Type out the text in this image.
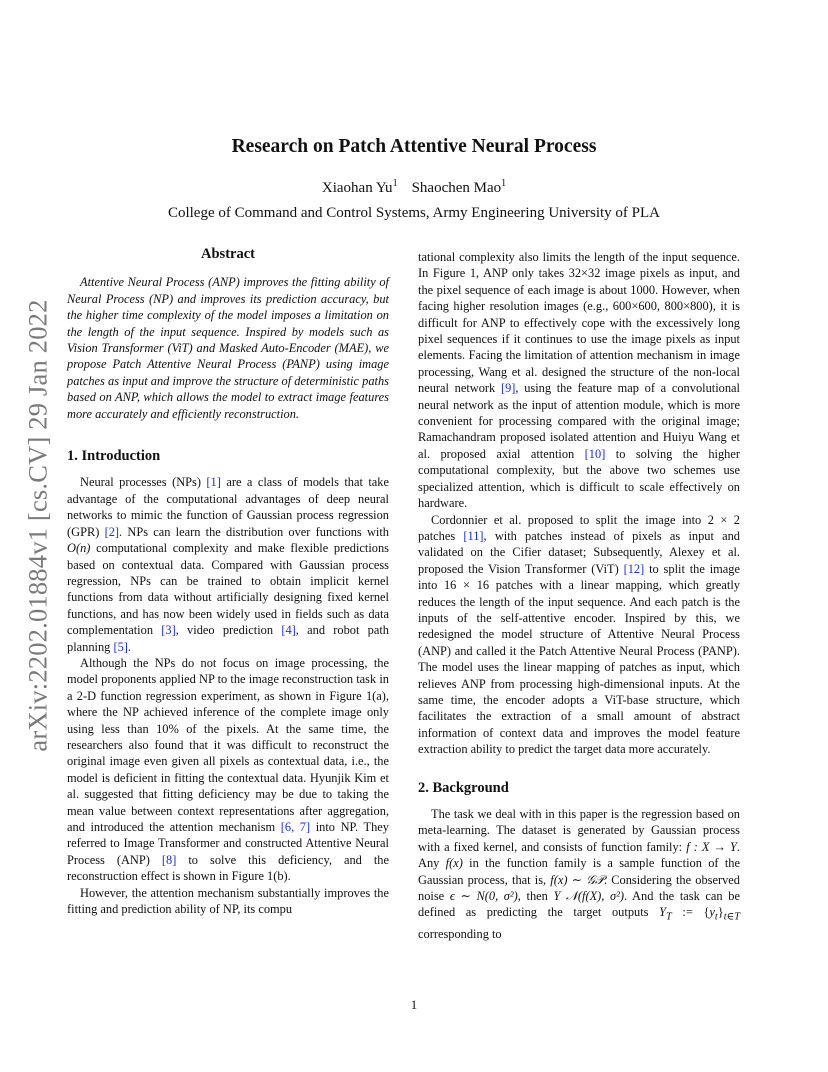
arXiv:2202.01884v1 [cs.CV] 29 Jan 2022
Research on Patch Attentive Neural Process
Xiaohan Yu$^1$ Shaochen Mao$^1$
College of Command and Control Systems, Army Engineering University of PLA
Abstract

Attentive Neural Process (ANP) improves the fitting ability of Neural Process (NP) and improves its prediction accuracy, but the higher time complexity of the model imposes a limitation on the length of the input sequence. Inspired by models such as Vision Transformer (ViT) and Masked Auto-Encoder (MAE), we propose Patch Attentive Neural Process (PANP) using image patches as input and improve the structure of deterministic paths based on ANP, which allows the model to extract image features more accurately and efficiently reconstruction.

1. Introduction

Neural processes (NPs) [1] are a class of models that take advantage of the computational advantages of deep neural networks to mimic the function of Gaussian process regression (GPR) [2]. NPs can learn the distribution over functions with O(n) computational complexity and make flexible predictions based on contextual data. Compared with Gaussian process regression, NPs can be trained to obtain implicit kernel functions from data without artificially designing fixed kernel functions, and has now been widely used in fields such as data complementation [3], video prediction [4], and robot path planning [5].

Although the NPs do not focus on image processing, the model proponents applied NP to the image reconstruction task in a 2-D function regression experiment, as shown in Figure 1(a), where the NP achieved inference of the complete image only using less than 10% of the pixels. At the same time, the researchers also found that it was difficult to reconstruct the original image even given all pixels as contextual data, i.e., the model is deficient in fitting the contextual data. Hyunjik Kim et al. suggested that fitting deficiency may be due to taking the mean value between context representations after aggregation, and introduced the attention mechanism [6, 7] into NP. They referred to Image Transformer and constructed Attentive Neural Process (ANP) [8] to solve this deficiency, and the reconstruction effect is shown in Figure 1(b).

However, the attention mechanism substantially improves the fitting and prediction ability of NP, its compu

tational complexity also limits the length of the input sequence. In Figure 1, ANP only takes 32×32 image pixels as input, and the pixel sequence of each image is about 1000. However, when facing higher resolution images (e.g., 600×600, 800×800), it is difficult for ANP to effectively cope with the excessively long pixel sequences if it continues to use the image pixels as input elements. Facing the limitation of attention mechanism in image processing, Wang et al. designed the structure of the non-local neural network [9], using the feature map of a convolutional neural network as the input of attention module, which is more convenient for processing compared with the original image; Ramachandram proposed isolated attention and Huiyu Wang et al. proposed axial attention [10] to solving the higher computational complexity, but the above two schemes use specialized attention, which is difficult to scale effectively on hardware.

Cordonnier et al. proposed to split the image into 2 × 2 patches [11], with patches instead of pixels as input and validated on the Cifier dataset; Subsequently, Alexey et al. proposed the Vision Transformer (ViT) [12] to split the image into 16 × 16 patches with a linear mapping, which greatly reduces the length of the input sequence. And each patch is the inputs of the self-attentive encoder. Inspired by this, we redesigned the model structure of Attentive Neural Process (ANP) and called it the Patch Attentive Neural Process (PANP). The model uses the linear mapping of patches as input, which relieves ANP from processing high-dimensional inputs. At the same time, the encoder adopts a ViT-base structure, which facilitates the extraction of a small amount of abstract information of context data and improves the model feature extraction ability to predict the target data more accurately.

2. Background

The task we deal with in this paper is the regression based on meta-learning. The dataset is generated by Gaussian process with a fixed kernel, and consists of function family: f : X → Y. Any f(x) in the function family is a sample function of the Gaussian process, that is, f(x) ∼ 𝒢𝒫. Considering the observed noise ϵ ∼ N(0, σ²), then Y 𝒩(f(X), σ²). And the task can be defined as predicting the target outputs $Y_T$ := $\{y_t\}_{t\in T}$ corresponding to

1
